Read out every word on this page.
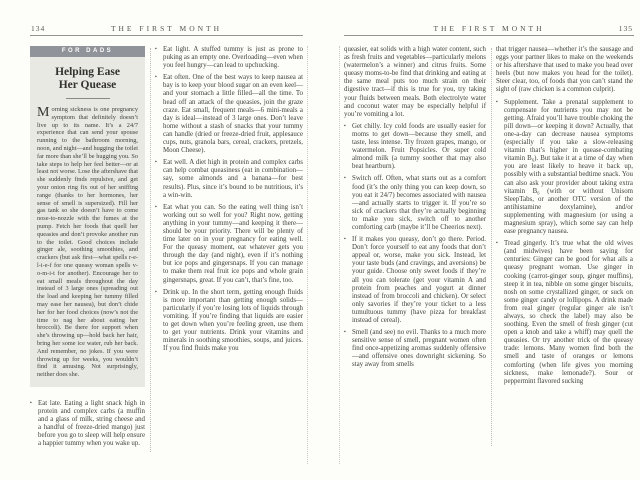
134	THE FIRST MONTH
FOR DADS
Helping Ease
Her Quease

Morning sickness is one pregnancy symptom that definitely doesn’t live up to its name. It’s a 24/7 experience that can send your spouse running to the bathroom morning, noon, and night—and hugging the toilet far more than she’ll be hugging you. So take steps to help her feel better—or at least not worse. Lose the aftershave that she suddenly finds repulsive, and get your onion ring fix out of her sniffing range (thanks to her hormones, her sense of smell is supersized). Fill her gas tank so she doesn’t have to come nose-to-nozzle with the fumes at the pump. Fetch her foods that quell her queasies and don’t provoke another run to the toilet. Good choices include ginger ale, soothing smoothies, and crackers (but ask first—what spells r-e-l-i-e-f for one queasy woman spells v-o-m-i-t for another). Encourage her to eat small meals throughout the day instead of 3 large ones (spreading out the load and keeping her tummy filled may ease her nausea), but don’t chide her for her food choices (now’s not the time to nag her about eating her broccoli). Be there for support when she’s throwing up—hold back her hair, bring her some ice water, rub her back. And remember, no jokes. If you were throwing up for weeks, you wouldn’t find it amusing. Not surprisingly, neither does she.

▪ Eat late. Eating a light snack high in protein and complex carbs (a muffin and a glass of milk, string cheese and a handful of freeze-dried mango) just before you go to sleep will help ensure a happier tummy when you wake up.
▪ Eat light. A stuffed tummy is just as prone to puking as an empty one. Overloading—even when you feel hungry—can lead to upchucking.
▪ Eat often. One of the best ways to keep nausea at bay is to keep your blood sugar on an even keel—and your stomach a little filled—all the time. To head off an attack of the queasies, join the graze craze. Eat small, frequent meals—6 mini-meals a day is ideal—instead of 3 large ones. Don’t leave home without a stash of snacks that your tummy can handle (dried or freeze-dried fruit, applesauce cups, nuts, granola bars, cereal, crackers, pretzels, Moon Cheese).
▪ Eat well. A diet high in protein and complex carbs can help combat queasiness (eat in combination—say, some almonds and a banana—for best results). Plus, since it’s bound to be nutritious, it’s a win-win.
▪ Eat what you can. So the eating well thing isn’t working out so well for you? Right now, getting anything in your tummy—and keeping it there—should be your priority. There will be plenty of time later on in your pregnancy for eating well. For the queasy moment, eat whatever gets you through the day (and night), even if it’s nothing but ice pops and gingersnaps. If you can manage to make them real fruit ice pops and whole grain gingersnaps, great. If you can’t, that’s fine, too.
▪ Drink up. In the short term, getting enough fluids is more important than getting enough solids—particularly if you’re losing lots of liquids through vomiting. If you’re finding that liquids are easier to get down when you’re feeling green, use them to get your nutrients. Drink your vitamins and minerals in soothing smoothies, soups, and juices. If you find fluids make you
THE FIRST MONTH	135

queasier, eat solids with a high water content, such as fresh fruits and vegetables—particularly melons (watermelon’s a winner) and citrus fruits. Some queasy moms-to-be find that drinking and eating at the same meal puts too much strain on their digestive tract—if this is true for you, try taking your fluids between meals. Both electrolyte water and coconut water may be especially helpful if you’re vomiting a lot.

▪ Get chilly. Icy cold foods are usually easier for moms to get down—because they smell, and taste, less intense. Try frozen grapes, mango, or watermelon. Fruit Popsicles. Or super cold almond milk (a tummy soother that may also beat heartburn).
▪ Switch off. Often, what starts out as a comfort food (it’s the only thing you can keep down, so you eat it 24/7) becomes associated with nausea—and actually starts to trigger it. If you’re so sick of crackers that they’re actually beginning to make you sick, switch off to another comforting carb (maybe it’ll be Cheerios next).
▪ If it makes you queasy, don’t go there. Period. Don’t force yourself to eat any foods that don’t appeal or, worse, make you sick. Instead, let your taste buds (and cravings, and aversions) be your guide. Choose only sweet foods if they’re all you can tolerate (get your vitamin A and protein from peaches and yogurt at dinner instead of from broccoli and chicken). Or select only savories if they’re your ticket to a less tumultuous tummy (have pizza for breakfast instead of cereal).
▪ Smell (and see) no evil. Thanks to a much more sensitive sense of smell, pregnant women often find once-appetizing aromas suddenly offensive—and offensive ones downright sickening. So stay away from smells

that trigger nausea—whether it’s the sausage and eggs your partner likes to make on the weekends or his aftershave that used to make you head over heels (but now makes you head for the toilet). Steer clear, too, of foods that you can’t stand the sight of (raw chicken is a common culprit).

▪ Supplement. Take a prenatal supplement to compensate for nutrients you may not be getting. Afraid you’ll have trouble choking the pill down—or keeping it down? Actually, that one-a-day can decrease nausea symptoms (especially if you take a slow-releasing vitamin that’s higher in quease-combating vitamin B₆). But take it at a time of day when you are least likely to heave it back up, possibly with a substantial bedtime snack. You can also ask your provider about taking extra vitamin B₆ (with or without Unisom SleepTabs, or another OTC version of the antihistamine doxylamine), and/or supplementing with magnesium (or using a magnesium spray), which some say can help ease pregnancy nausea.
▪ Tread gingerly. It’s true what the old wives (and midwives) have been saying for centuries: Ginger can be good for what ails a queasy pregnant woman. Use ginger in cooking (carrot-ginger soup, ginger muffins), steep it in tea, nibble on some ginger biscuits, nosh on some crystallized ginger, or suck on some ginger candy or lollipops. A drink made from real ginger (regular ginger ale isn’t always, so check the label) may also be soothing. Even the smell of fresh ginger (cut open a knob and take a whiff) may quell the queasies. Or try another trick of the queasy trade: lemons. Many women find both the smell and taste of oranges or lemons comforting (when life gives you morning sickness, make lemonade?). Sour or peppermint flavored sucking
